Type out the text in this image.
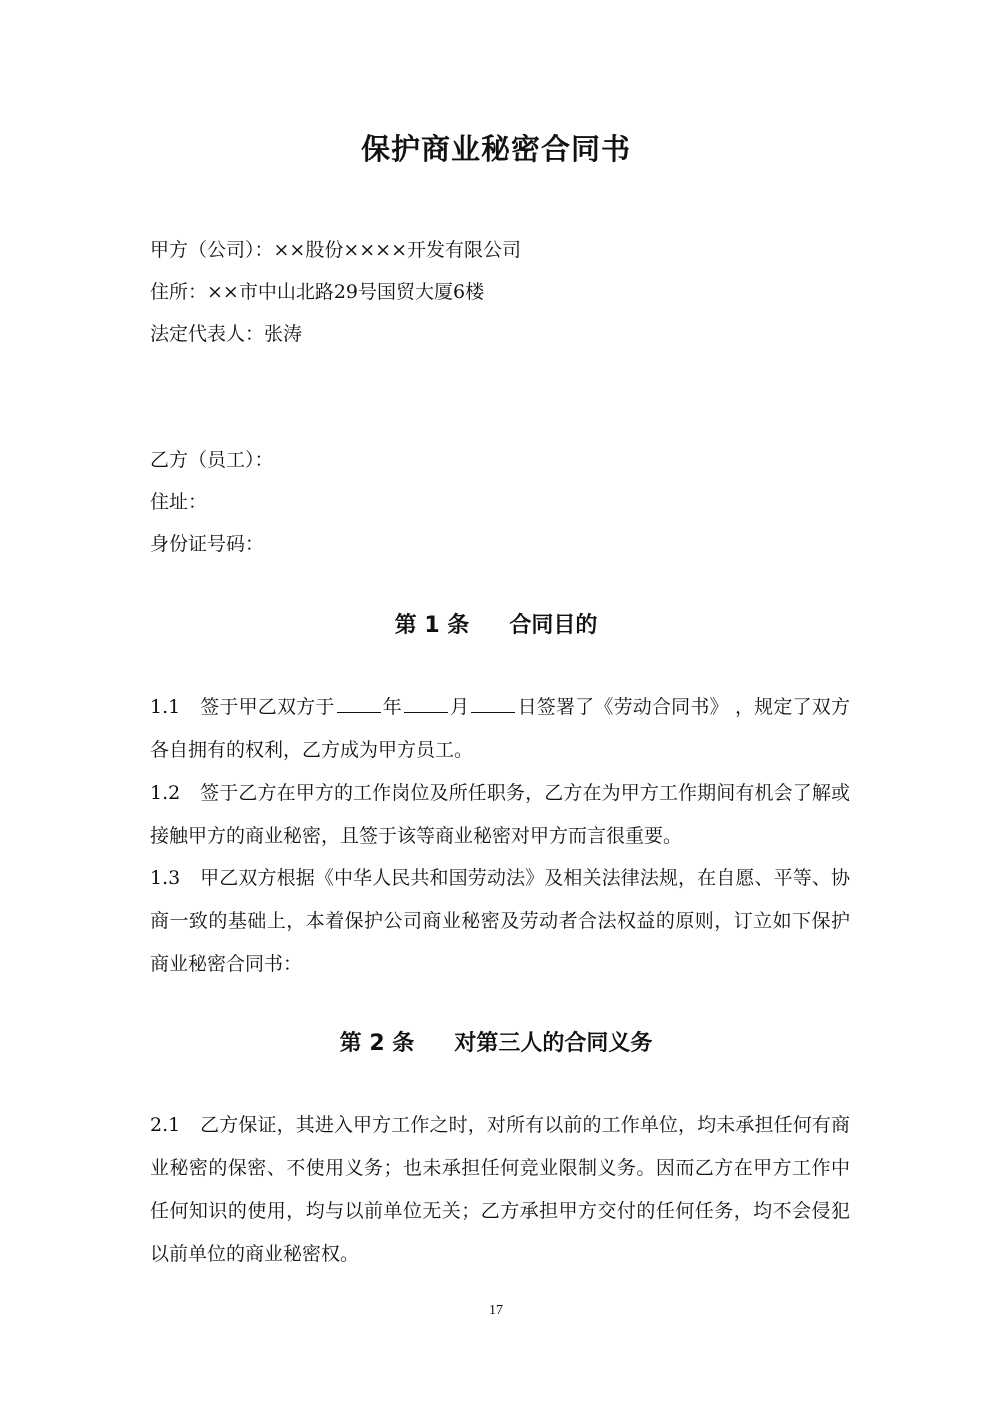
保护商业秘密合同书

甲方（公司）：××股份××××开发有限公司

住所：××市中山北路29号国贸大厦6楼

法定代表人：张涛

乙方（员工）：

住址：

身份证号码：

第 1 条 合同目的

1.1 签于甲乙双方于	年	月	日签署了《劳动合同书》 ，规定了双方各自拥有的权利，乙方成为甲方员工。

1.2 签于乙方在甲方的工作岗位及所任职务，乙方在为甲方工作期间有机会了解或接触甲方的商业秘密，且签于该等商业秘密对甲方而言很重要。

1.3 甲乙双方根据《中华人民共和国劳动法》及相关法律法规，在自愿、平等、协商一致的基础上，本着保护公司商业秘密及劳动者合法权益的原则，订立如下保护商业秘密合同书：

第 2 条 对第三人的合同义务

2.1 乙方保证，其进入甲方工作之时，对所有以前的工作单位，均未承担任何有商业秘密的保密、不使用义务；也未承担任何竞业限制义务。因而乙方在甲方工作中任何知识的使用，均与以前单位无关；乙方承担甲方交付的任何任务，均不会侵犯以前单位的商业秘密权。

17
